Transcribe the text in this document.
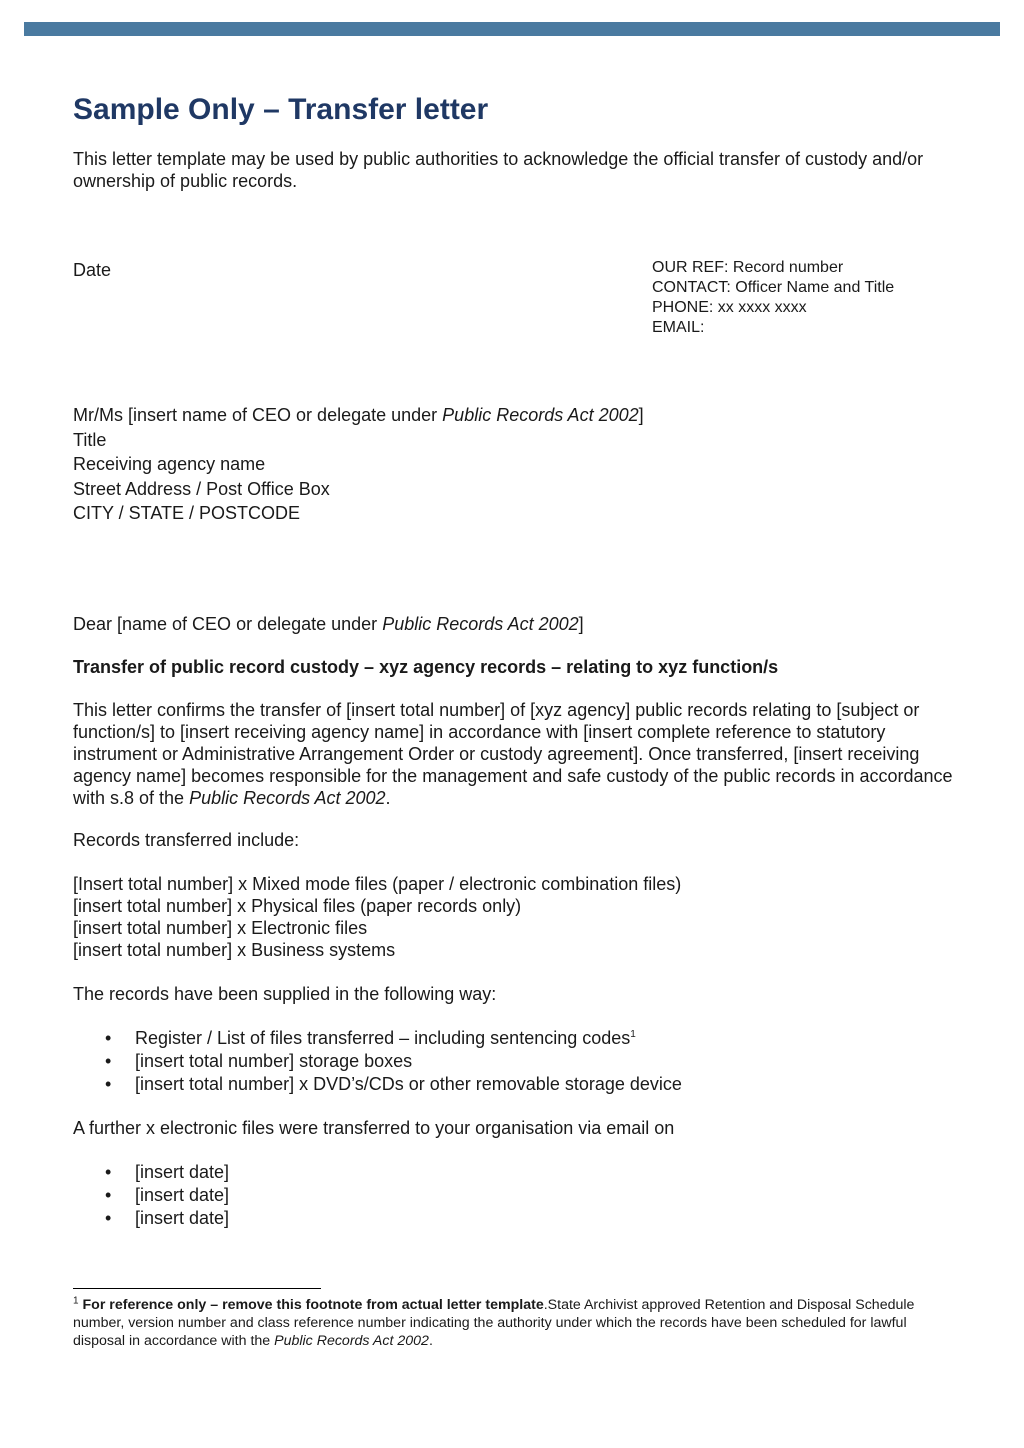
Sample Only – Transfer letter
This letter template may be used by public authorities to acknowledge the official transfer of custody and/or ownership of public records.
Date	OUR REF: Record number
CONTACT: Officer Name and Title
PHONE: xx xxxx xxxx
EMAIL:
Mr/Ms [insert name of CEO or delegate under Public Records Act 2002]
Title
Receiving agency name
Street Address / Post Office Box
CITY / STATE / POSTCODE
Dear [name of CEO or delegate under Public Records Act 2002]
Transfer of public record custody – xyz agency records – relating to xyz function/s
This letter confirms the transfer of [insert total number] of [xyz agency] public records relating to [subject or function/s] to [insert receiving agency name] in accordance with [insert complete reference to statutory instrument or Administrative Arrangement Order or custody agreement]. Once transferred, [insert receiving agency name] becomes responsible for the management and safe custody of the public records in accordance with s.8 of the Public Records Act 2002.
Records transferred include:
[Insert total number] x Mixed mode files (paper / electronic combination files)
[insert total number] x Physical files (paper records only)
[insert total number] x Electronic files
[insert total number] x Business systems
The records have been supplied in the following way:
• Register / List of files transferred – including sentencing codes$^1$
• [insert total number] storage boxes
• [insert total number] x DVD’s/CDs or other removable storage device
A further x electronic files were transferred to your organisation via email on
• [insert date]
• [insert date]
• [insert date]
$^1$ For reference only – remove this footnote from actual letter template.State Archivist approved Retention and Disposal Schedule number, version number and class reference number indicating the authority under which the records have been scheduled for lawful disposal in accordance with the Public Records Act 2002.
